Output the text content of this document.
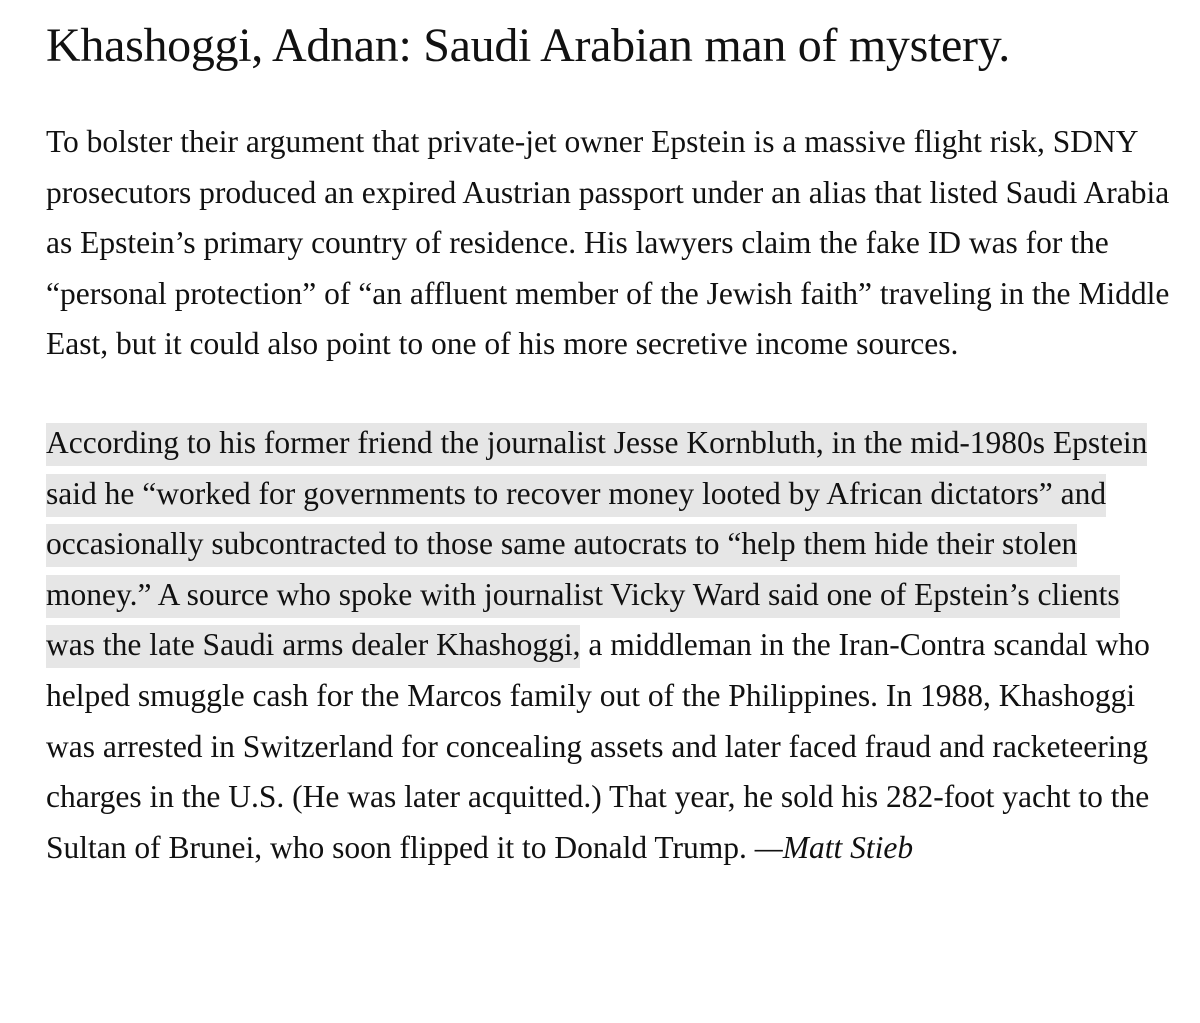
Khashoggi, Adnan: Saudi Arabian man of mystery.

To bolster their argument that private-jet owner Epstein is a massive flight risk, SDNY prosecutors produced an expired Austrian passport under an alias that listed Saudi Arabia as Epstein’s primary country of residence. His lawyers claim the fake ID was for the “personal protection” of “an affluent member of the Jewish faith” traveling in the Middle East, but it could also point to one of his more secretive income sources.

According to his former friend the journalist Jesse Kornbluth, in the mid-1980s Epstein said he “worked for governments to recover money looted by African dictators” and occasionally subcontracted to those same autocrats to “help them hide their stolen money.” A source who spoke with journalist Vicky Ward said one of Epstein’s clients was the late Saudi arms dealer Khashoggi, a middleman in the Iran-Contra scandal who helped smuggle cash for the Marcos family out of the Philippines. In 1988, Khashoggi was arrested in Switzerland for concealing assets and later faced fraud and racketeering charges in the U.S. (He was later acquitted.) That year, he sold his 282-foot yacht to the Sultan of Brunei, who soon flipped it to Donald Trump. —Matt Stieb
